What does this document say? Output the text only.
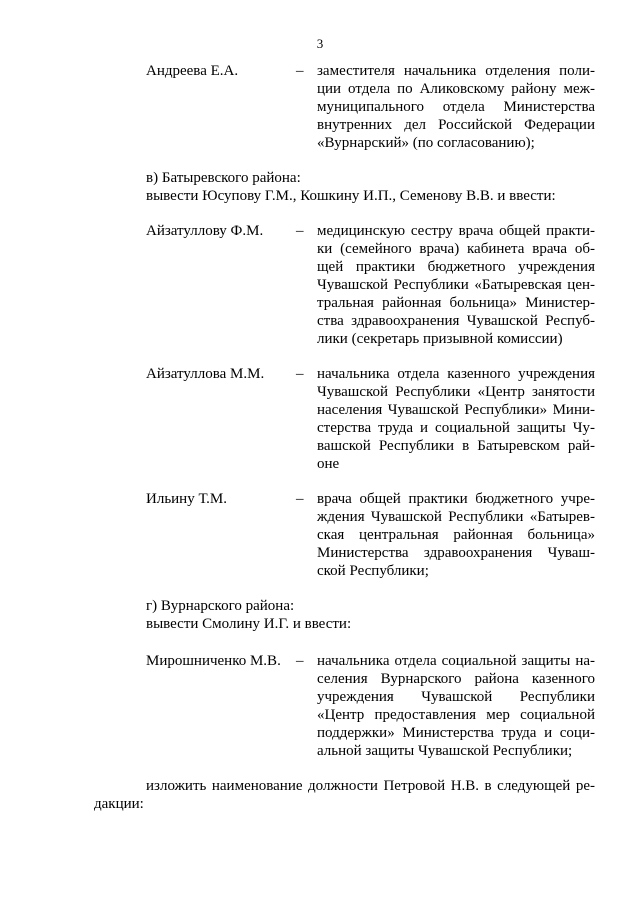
3
Андреева Е.А.	– заместителя начальника отделения поли-
ции отдела по Аликовскому району меж-
муниципального отдела Министерства
внутренних дел Российской Федерации
«Вурнарский» (по согласованию);
в) Батыревского района:
вывести Юсупову Г.М., Кошкину И.П., Семенову В.В. и ввести:
Айзатуллову Ф.М. – медицинскую сестру врача общей практи-
ки (семейного врача) кабинета врача об-
щей практики бюджетного учреждения
Чувашской Республики «Батыревская цен-
тральная районная больница» Министер-
ства здравоохранения Чувашской Респуб-
лики (секретарь призывной комиссии)
Айзатуллова М.М. – начальника отдела казенного учреждения
Чувашской Республики «Центр занятости
населения Чувашской Республики» Мини-
стерства труда и социальной защиты Чу-
вашской Республики в Батыревском рай-
оне
Ильину Т.М.	– врача общей практики бюджетного учре-
ждения Чувашской Республики «Батырев-
ская центральная районная больница»
Министерства здравоохранения Чуваш-
ской Республики;
г) Вурнарского района:
вывести Смолину И.Г. и ввести:
Мирошниченко М.В. – начальника отдела социальной защиты на-
селения Вурнарского района казенного
учреждения Чувашской Республики
«Центр предоставления мер социальной
поддержки» Министерства труда и соци-
альной защиты Чувашской Республики;
изложить наименование должности Петровой Н.В. в следующей ре-
дакции:
